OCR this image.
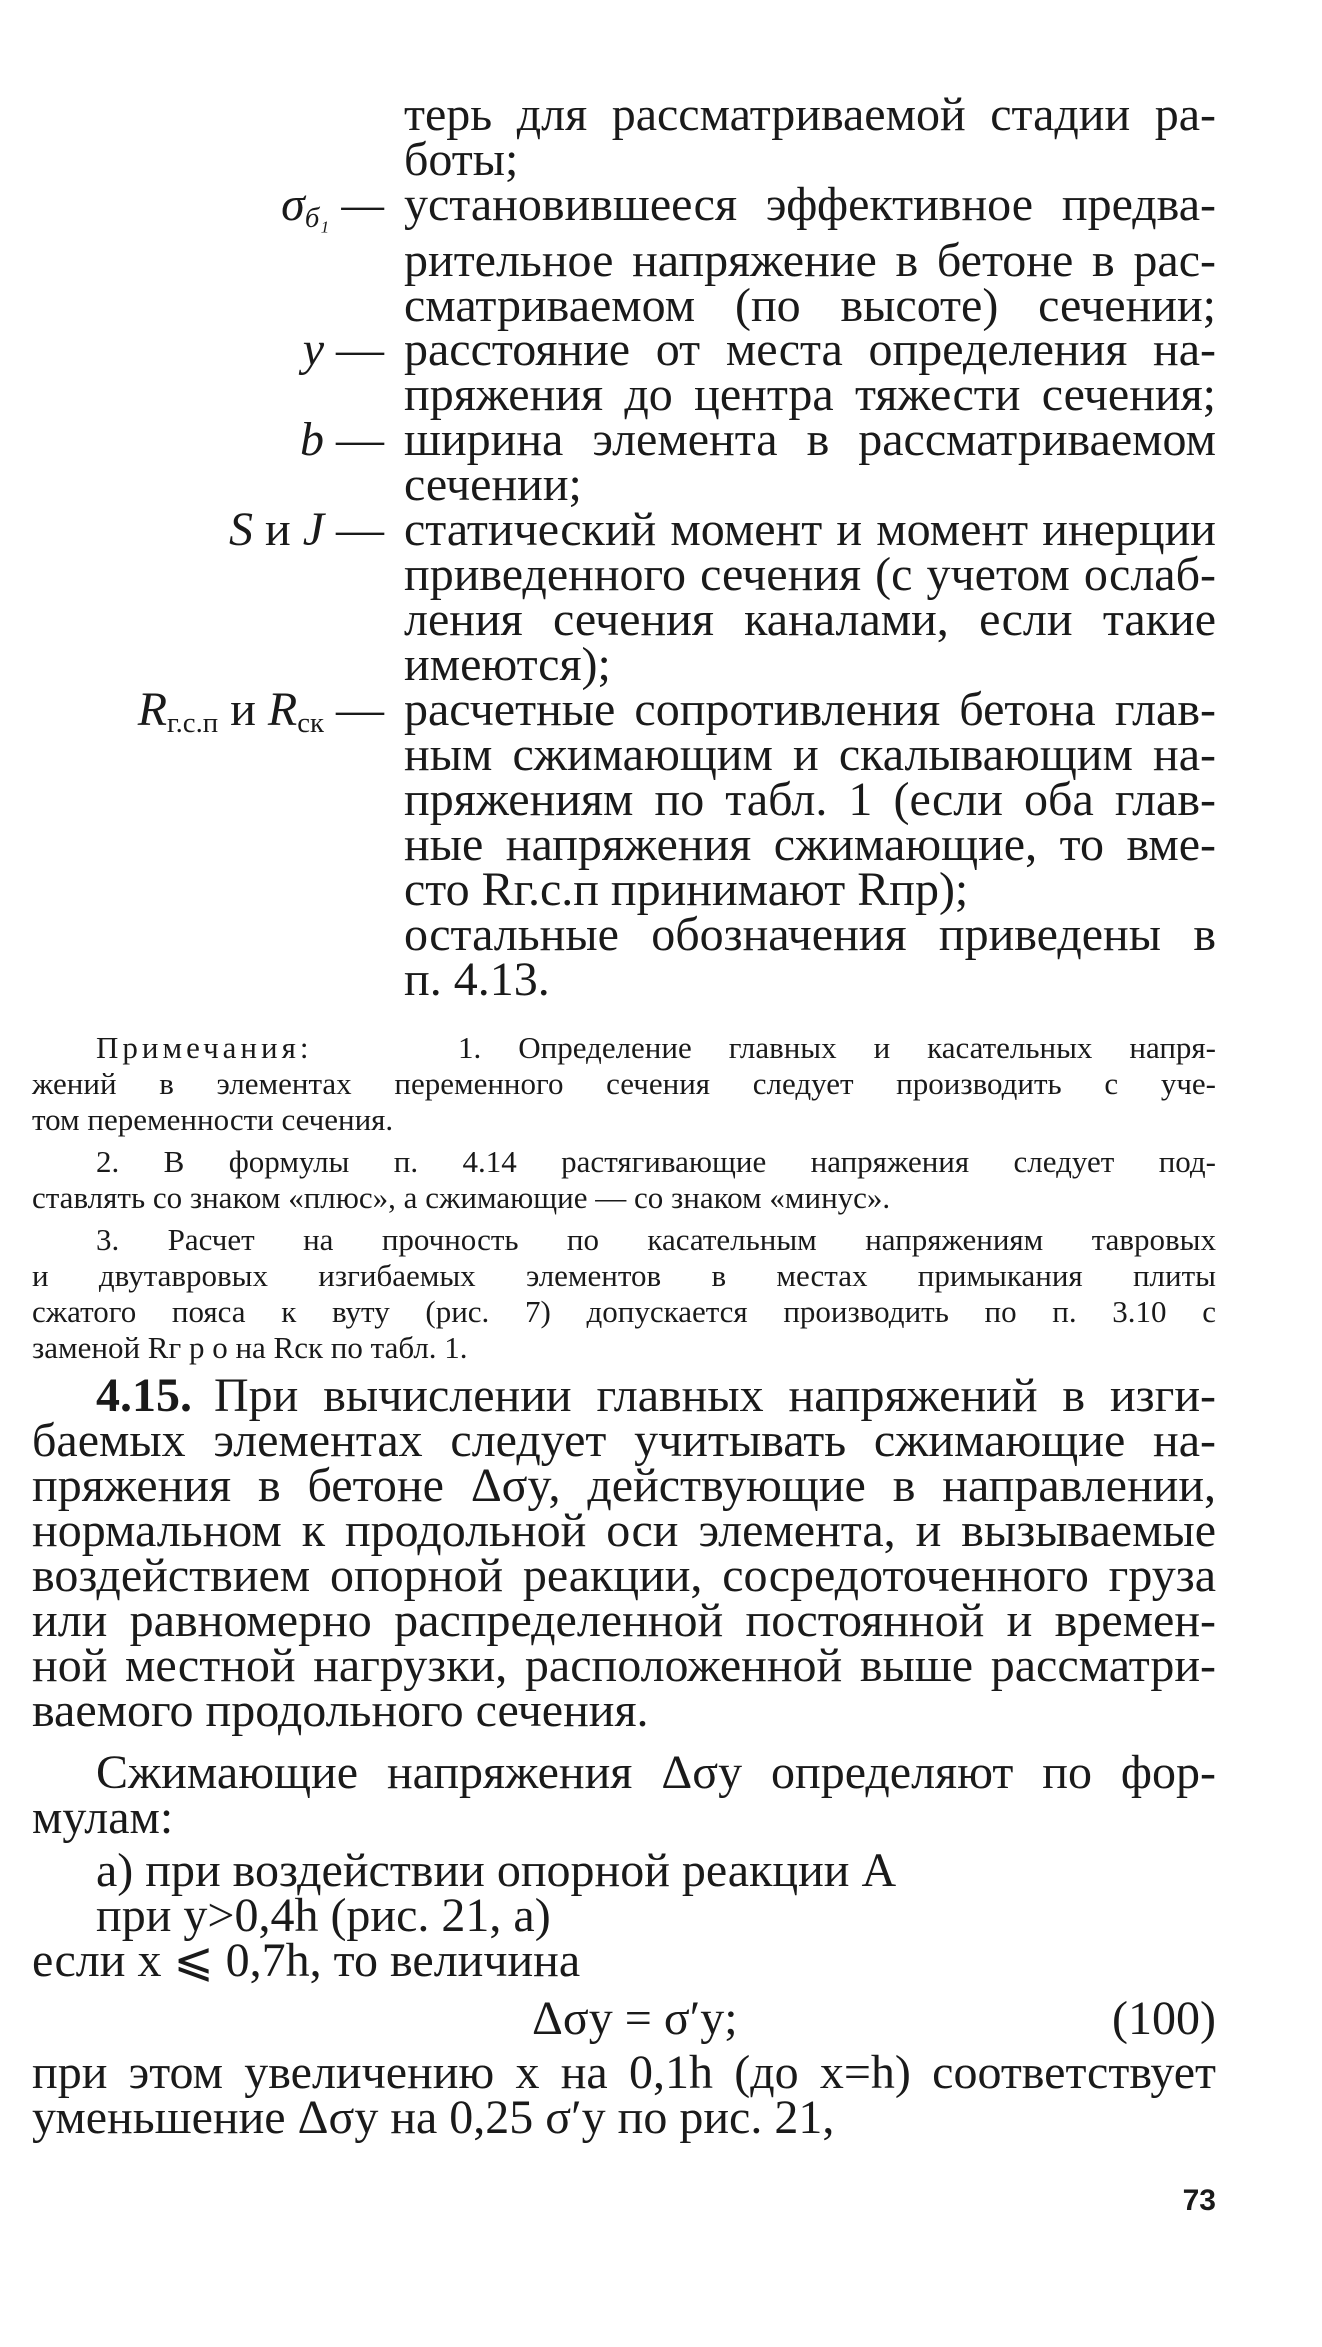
терь для рассматриваемой стадии ра-
боты;
$\sigma_{б_1}$ — установившееся эффективное предва-
рительное напряжение в бетоне в рас-
сматриваемом (по высоте) сечении;
y — расстояние от места определения на-
пряжения до центра тяжести сечения;
b — ширина элемента в рассматриваемом
сечении;
S и J — статический момент и момент инерции
приведенного сечения (с учетом ослаб-
ления сечения каналами, если такие
имеются);
$R_{г.с.п}$ и $R_{ск}$ — расчетные сопротивления бетона глав-
ным сжимающим и скалывающим на-
пряжениям по табл. 1 (если оба глав-
ные напряжения сжимающие, то вме-
сто Rг.с.п принимают Rпр);
остальные обозначения приведены в
п. 4.13.
Примечания:	1. Определение главных и касательных напря-
жений в элементах переменного сечения следует производить с уче-
том переменности сечения.
2. В формулы п. 4.14 растягивающие напряжения следует под-
ставлять со знаком «плюс», а сжимающие — со знаком «минус».
3. Расчет на прочность по касательным напряжениям тавровых
и двутавровых изгибаемых элементов в местах примыкания плиты
сжатого пояса к вуту (рис. 7) допускается производить по п. 3.10 с
заменой Rг р о на Rск по табл. 1.
4.15. При вычислении главных напряжений в изги-
баемых элементах следует учитывать сжимающие на-
пряжения в бетоне Δσy, действующие в направлении,
нормальном к продольной оси элемента, и вызываемые
воздействием опорной реакции, сосредоточенного груза
или равномерно распределенной постоянной и времен-
ной местной нагрузки, расположенной выше рассматри-
ваемого продольного сечения.
Сжимающие напряжения Δσy определяют по фор-
мулам:
а) при воздействии опорной реакции A
при y>0,4h (рис. 21, a)
если x ⩽ 0,7h, то величина
Δσy = σ′y;	(100)
при этом увеличению x на 0,1h (до x=h) соответствует
уменьшение Δσy на 0,25 σ′y по рис. 21,
73
